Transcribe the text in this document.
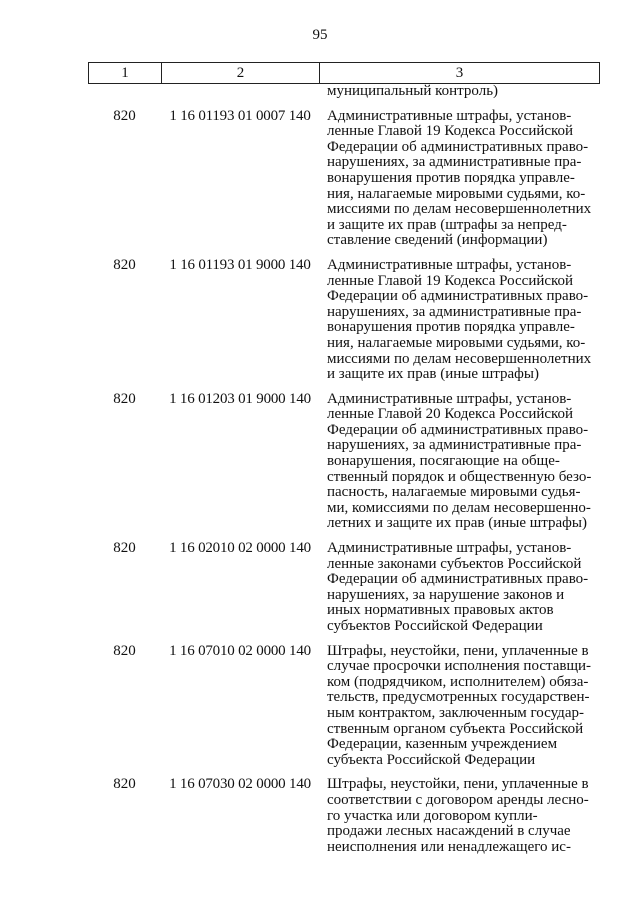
95
1	2	3
муниципальный контроль)
820	1 16 01193 01 0007 140	Административные штрафы, установ-
ленные Главой 19 Кодекса Российской
Федерации об административных право-
нарушениях, за административные пра-
вонарушения против порядка управле-
ния, налагаемые мировыми судьями, ко-
миссиями по делам несовершеннолетних
и защите их прав (штрафы за непред-
ставление сведений (информации)
820	1 16 01193 01 9000 140	Административные штрафы, установ-
ленные Главой 19 Кодекса Российской
Федерации об административных право-
нарушениях, за административные пра-
вонарушения против порядка управле-
ния, налагаемые мировыми судьями, ко-
миссиями по делам несовершеннолетних
и защите их прав (иные штрафы)
820	1 16 01203 01 9000 140	Административные штрафы, установ-
ленные Главой 20 Кодекса Российской
Федерации об административных право-
нарушениях, за административные пра-
вонарушения, посягающие на обще-
ственный порядок и общественную безо-
пасность, налагаемые мировыми судья-
ми, комиссиями по делам несовершенно-
летних и защите их прав (иные штрафы)
820	1 16 02010 02 0000 140	Административные штрафы, установ-
ленные законами субъектов Российской
Федерации об административных право-
нарушениях, за нарушение законов и
иных нормативных правовых актов
субъектов Российской Федерации
820	1 16 07010 02 0000 140	Штрафы, неустойки, пени, уплаченные в
случае просрочки исполнения поставщи-
ком (подрядчиком, исполнителем) обяза-
тельств, предусмотренных государствен-
ным контрактом, заключенным государ-
ственным органом субъекта Российской
Федерации, казенным учреждением
субъекта Российской Федерации
820	1 16 07030 02 0000 140	Штрафы, неустойки, пени, уплаченные в
соответствии с договором аренды лесно-
го участка или договором купли-
продажи лесных насаждений в случае
неисполнения или ненадлежащего ис-
